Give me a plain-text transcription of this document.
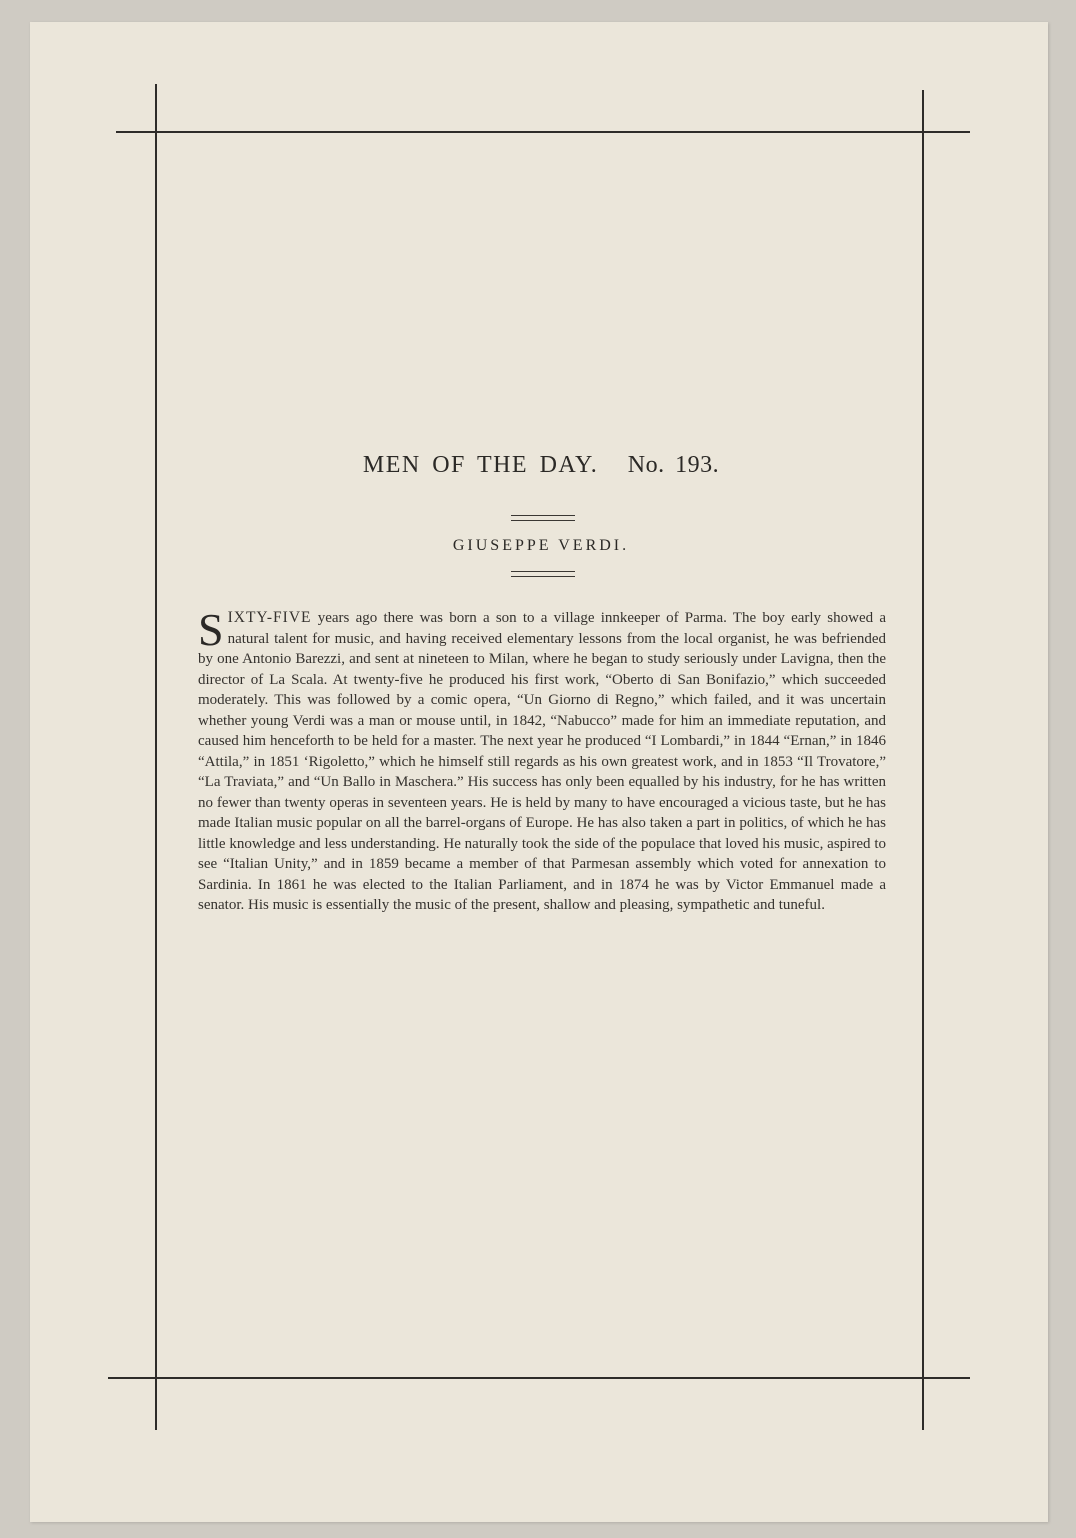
MEN OF THE DAY. No. 193.
GIUSEPPE VERDI.

SIXTY-FIVE years ago there was born a son to a village innkeeper of Parma. The boy early showed a natural talent for music, and having received elementary lessons from the local organist, he was befriended by one Antonio Barezzi, and sent at nineteen to Milan, where he began to study seriously under Lavigna, then the director of La Scala. At twenty-five he produced his first work, “Oberto di San Bonifazio,” which succeeded moderately. This was followed by a comic opera, “Un Giorno di Regno,” which failed, and it was uncertain whether young Verdi was a man or mouse until, in 1842, “Nabucco” made for him an immediate reputation, and caused him henceforth to be held for a master. The next year he produced “I Lombardi,” in 1844 “Ernan,” in 1846 “Attila,” in 1851 ‘Rigoletto,” which he himself still regards as his own greatest work, and in 1853 “Il Trovatore,” “La Traviata,” and “Un Ballo in Maschera.” His success has only been equalled by his industry, for he has written no fewer than twenty operas in seventeen years. He is held by many to have encouraged a vicious taste, but he has made Italian music popular on all the barrel-organs of Europe. He has also taken a part in politics, of which he has little knowledge and less understanding. He naturally took the side of the populace that loved his music, aspired to see “Italian Unity,” and in 1859 became a member of that Parmesan assembly which voted for annexation to Sardinia. In 1861 he was elected to the Italian Parliament, and in 1874 he was by Victor Emmanuel made a senator. His music is essentially the music of the present, shallow and pleasing, sympathetic and tuneful.
